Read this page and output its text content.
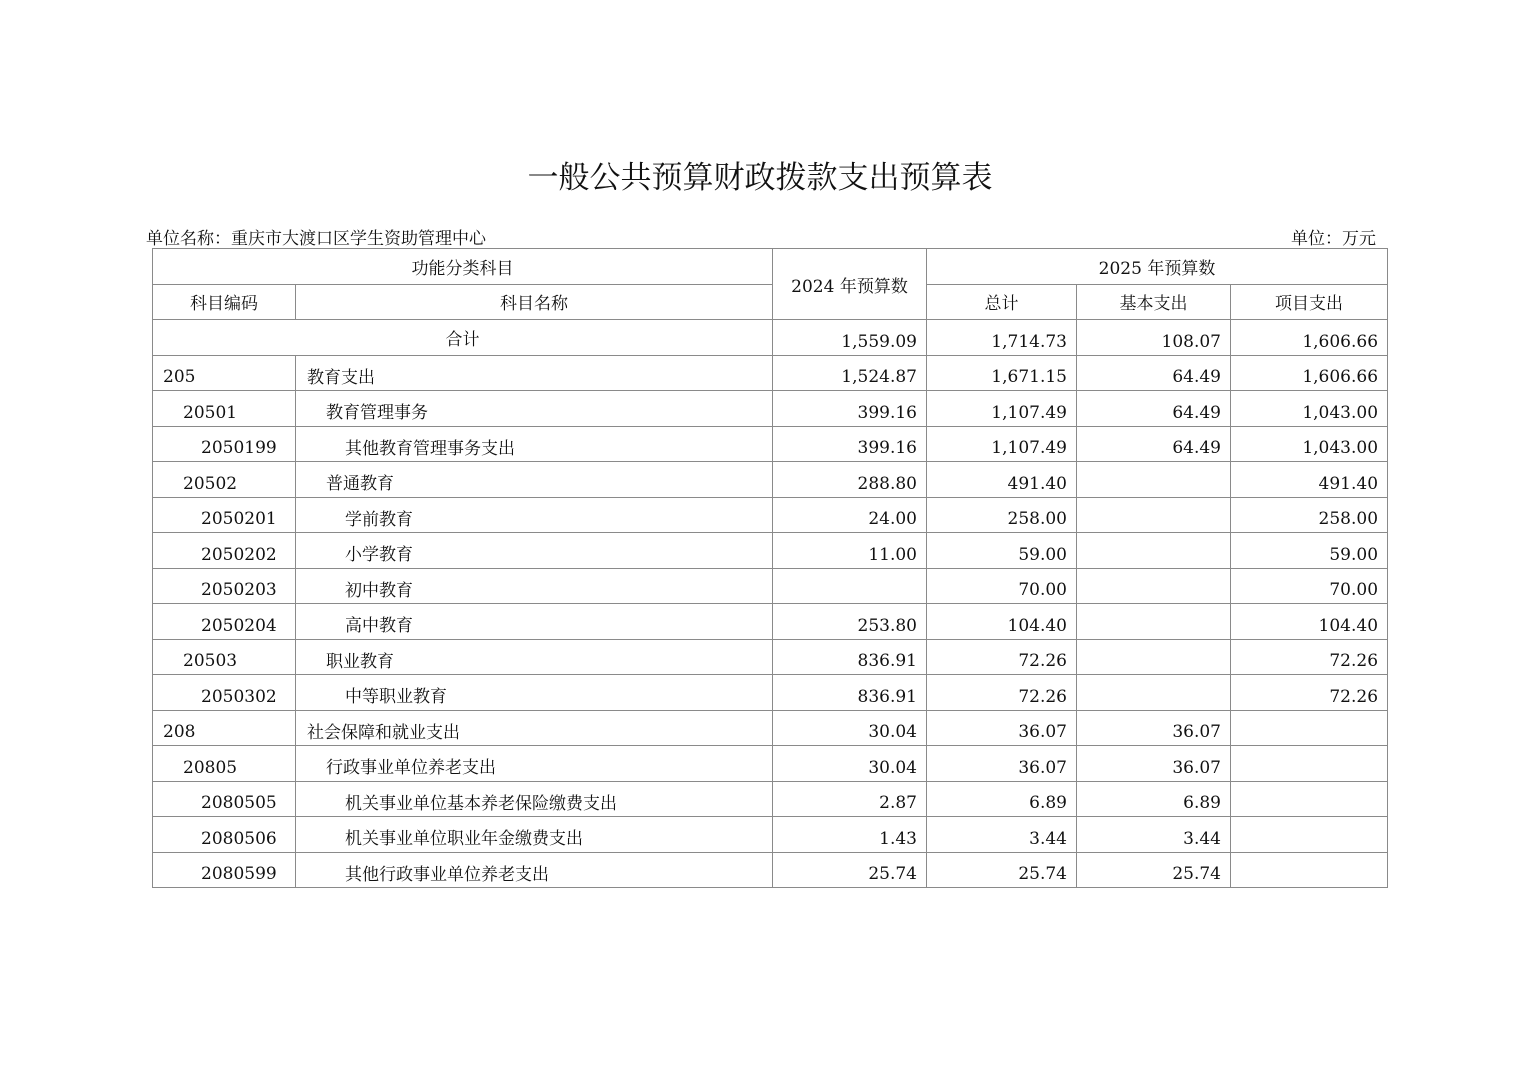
一般公共预算财政拨款支出预算表
单位名称：重庆市大渡口区学生资助管理中心	单位：万元
功能分类科目		2024 年预算数	2025 年预算数		
科目编码	科目名称		总计	基本支出	项目支出
合计		1,559.09	1,714.73	108.07	1,606.66
205	教育支出	1,524.87	1,671.15	64.49	1,606.66
20501	教育管理事务	399.16	1,107.49	64.49	1,043.00
2050199	其他教育管理事务支出	399.16	1,107.49	64.49	1,043.00
20502	普通教育	288.80	491.40		491.40
2050201	学前教育	24.00	258.00		258.00
2050202	小学教育	11.00	59.00		59.00
2050203	初中教育		70.00		70.00
2050204	高中教育	253.80	104.40		104.40
20503	职业教育	836.91	72.26		72.26
2050302	中等职业教育	836.91	72.26		72.26
208	社会保障和就业支出	30.04	36.07	36.07	
20805	行政事业单位养老支出	30.04	36.07	36.07	
2080505	机关事业单位基本养老保险缴费支出	2.87	6.89	6.89	
2080506	机关事业单位职业年金缴费支出	1.43	3.44	3.44	
2080599	其他行政事业单位养老支出	25.74	25.74	25.74	
